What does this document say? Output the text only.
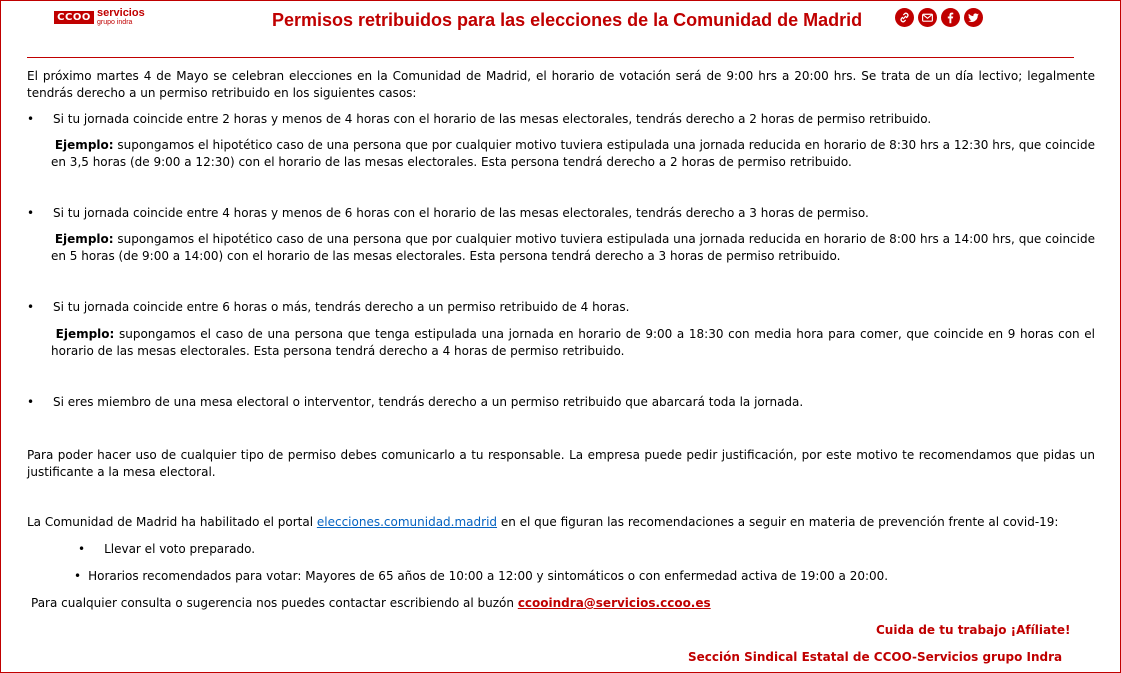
CCOO servicios
grupo indra	Permisos retribuidos para las elecciones de la Comunidad de Madrid
El próximo martes 4 de Mayo se celebran elecciones en la Comunidad de Madrid, el horario de votación será de 9:00 hrs a 20:00 hrs. Se trata de un día lectivo; legalmente tendrás derecho a un permiso retribuido en los siguientes casos:
• Si tu jornada coincide entre 2 horas y menos de 4 horas con el horario de las mesas electorales, tendrás derecho a 2 horas de permiso retribuido.
Ejemplo: supongamos el hipotético caso de una persona que por cualquier motivo tuviera estipulada una jornada reducida en horario de 8:30 hrs a 12:30 hrs, que coincide en 3,5 horas (de 9:00 a 12:30) con el horario de las mesas electorales. Esta persona tendrá derecho a 2 horas de permiso retribuido.
• Si tu jornada coincide entre 4 horas y menos de 6 horas con el horario de las mesas electorales, tendrás derecho a 3 horas de permiso.
Ejemplo: supongamos el hipotético caso de una persona que por cualquier motivo tuviera estipulada una jornada reducida en horario de 8:00 hrs a 14:00 hrs, que coincide en 5 horas (de 9:00 a 14:00) con el horario de las mesas electorales. Esta persona tendrá derecho a 3 horas de permiso retribuido.
• Si tu jornada coincide entre 6 horas o más, tendrás derecho a un permiso retribuido de 4 horas.
Ejemplo: supongamos el caso de una persona que tenga estipulada una jornada en horario de 9:00 a 18:30 con media hora para comer, que coincide en 9 horas con el horario de las mesas electorales. Esta persona tendrá derecho a 4 horas de permiso retribuido.
• Si eres miembro de una mesa electoral o interventor, tendrás derecho a un permiso retribuido que abarcará toda la jornada.
Para poder hacer uso de cualquier tipo de permiso debes comunicarlo a tu responsable. La empresa puede pedir justificación, por este motivo te recomendamos que pidas un justificante a la mesa electoral.
La Comunidad de Madrid ha habilitado el portal elecciones.comunidad.madrid en el que figuran las recomendaciones a seguir en materia de prevención frente al covid-19:
• Llevar el voto preparado.
• Horarios recomendados para votar: Mayores de 65 años de 10:00 a 12:00 y sintomáticos o con enfermedad activa de 19:00 a 20:00.
Para cualquier consulta o sugerencia nos puedes contactar escribiendo al buzón ccooindra@servicios.ccoo.es
Cuida de tu trabajo ¡Afíliate!
Sección Sindical Estatal de CCOO-Servicios grupo Indra
